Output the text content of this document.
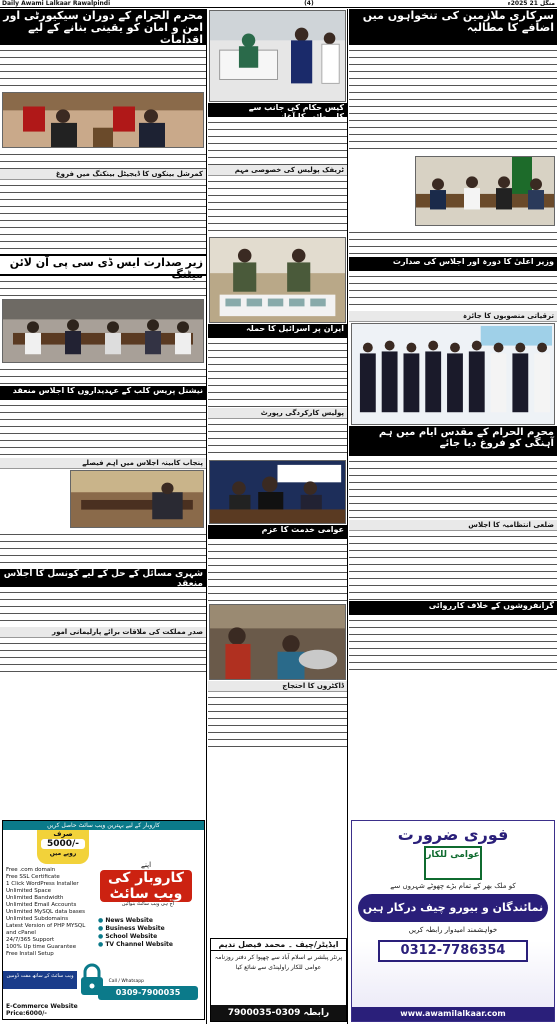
Daily Awami Lalkaar Rawalpindi	(4)	منگل 21 2025ء
محرم الحرام کے دوران سیکیورٹی اور امن و امان کو یقینی بنانے کے لیے اقدامات
کمرشل بینکوں کا ڈیجیٹل بینکنگ میں فروغ
زیر صدارت ایس ڈی سی پی آن لائن میٹنگ
نیشنل پریس کلب کے عہدیداروں کا اجلاس منعقد
پنجاب کابینہ اجلاس میں اہم فیصلے
شہری مسائل کے حل کے لیے کونسل کا اجلاس منعقد
صدر مملکت کی ملاقات برائے پارلیمانی امور
کیس حکام کی جانب سے کارروائی کا آغاز
ٹریفک پولیس کی خصوصی مہم
ایران پر اسرائیل کا حملہ
پولیس کارکردگی رپورٹ
عوامی خدمت کا عزم
ڈاکٹروں کا احتجاج
سرکاری ملازمین کی تنخواہوں میں اضافے کا مطالبہ
وزیر اعلیٰ کا دورہ اور اجلاس کی صدارت
ترقیاتی منصوبوں کا جائزہ
محرم الحرام کے مقدس ایام میں ہم آہنگی کو فروغ دیا جائے
ضلعی انتظامیہ کا اجلاس
گرانفروشوں کے خلاف کارروائی
کاروبار کے لیے بہترین ویب سائٹ حاصل کریں
صرف
5000/-
روپے میں
Free .com domain
Free SSL Certificate
1 Click WordPress Installer
Unlimited Space
Unlimited Bandwidth
Unlimited Email Accounts
Unlimited MySQL data bases
Unlimited Subdomains
Latest Version of PHP MYSQL and cPanel
24/7/365 Support
100% Up time Guarantee
Free Install Setup
اپنے
کاروبار کی ویب سائٹ
آج ہی ویب سائٹ بنوائیں
● News Website
● Business Website
● School Website
● TV Channel Website
ویب سائٹ کے ساتھ مفت ڈومین
Call / Whatsapp
0309-7900035
E-Commerce Website
Price:6000/-
ایڈیٹر/چیف ۔ محمد فیصل ندیم
پرنٹر پبلشر نے اسلام آباد سے چھپوا کر دفتر روزنامہ عوامی للکار راولپنڈی سے شائع کیا
رابطہ 0309-7900035
فوری ضرورت
عوامی للکار
کو ملک بھر کے تمام بڑے چھوٹے شہروں سے
نمائندگان و بیورو چیف درکار ہیں
خواہشمند امیدوار رابطہ کریں
0312-7786354
www.awamilalkaar.com
